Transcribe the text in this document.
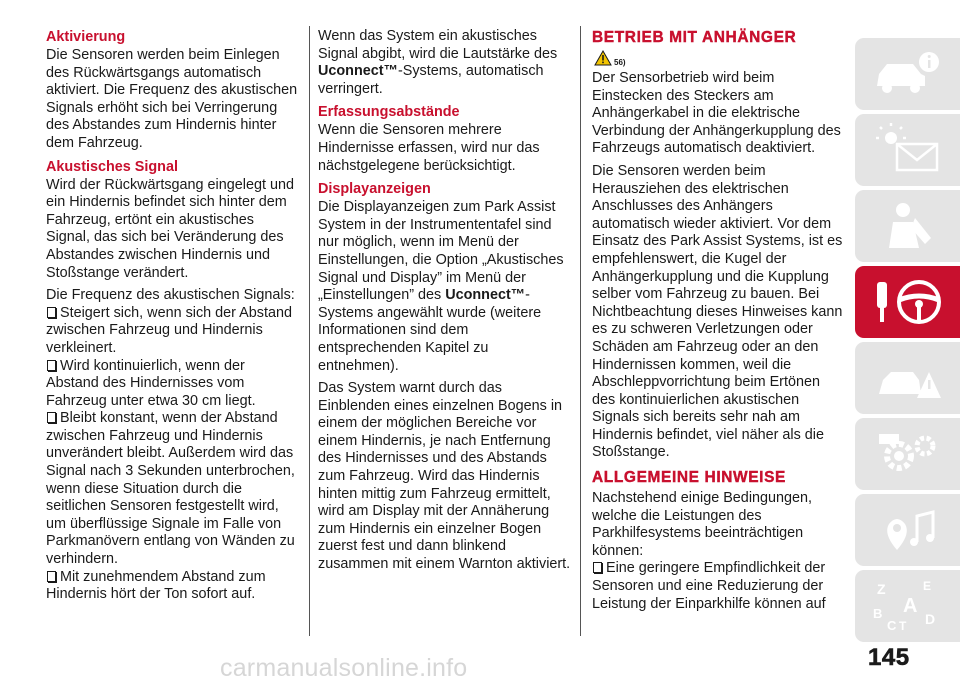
Aktivierung

Die Sensoren werden beim Einlegen des Rückwärtsgangs automatisch aktiviert. Die Frequenz des akustischen Signals erhöht sich bei Verringerung des Abstandes zum Hindernis hinter dem Fahrzeug.

Akustisches Signal

Wird der Rückwärtsgang eingelegt und ein Hindernis befindet sich hinter dem Fahrzeug, ertönt ein akustisches Signal, das sich bei Veränderung des Abstandes zwischen Hindernis und Stoßstange verändert.

Die Frequenz des akustischen Signals:

Steigert sich, wenn sich der Abstand zwischen Fahrzeug und Hindernis verkleinert.
Wird kontinuierlich, wenn der Abstand des Hindernisses vom Fahrzeug unter etwa 30 cm liegt.
Bleibt konstant, wenn der Abstand zwischen Fahrzeug und Hindernis unverändert bleibt. Außerdem wird das Signal nach 3 Sekunden unterbrochen, wenn diese Situation durch die seitlichen Sensoren festgestellt wird, um überflüssige Signale im Falle von Parkmanövern entlang von Wänden zu verhindern.
Mit zunehmendem Abstand zum Hindernis hört der Ton sofort auf.

Wenn das System ein akustisches Signal abgibt, wird die Lautstärke des
Uconnect™-Systems, automatisch verringert.

Erfassungsabstände

Wenn die Sensoren mehrere Hindernisse erfassen, wird nur das nächstgelegene berücksichtigt.

Displayanzeigen

Die Displayanzeigen zum Park Assist System in der Instrumententafel sind nur möglich, wenn im Menü der Einstellungen, die Option „Akustisches Signal und Display” im Menü der „Einstellungen” des Uconnect™-Systems angewählt wurde (weitere Informationen sind dem entsprechenden Kapitel zu entnehmen).

Das System warnt durch das Einblenden eines einzelnen Bogens in einem der möglichen Bereiche vor einem Hindernis, je nach Entfernung des Hindernisses und des Abstands zum Fahrzeug. Wird das Hindernis hinten mittig zum Fahrzeug ermittelt, wird am Display mit der Annäherung zum Hindernis ein einzelner Bogen zuerst fest und dann blinkend zusammen mit einem Warnton aktiviert.

BETRIEB MIT ANHÄNGER
56)

Der Sensorbetrieb wird beim Einstecken des Steckers am Anhängerkabel in die elektrische Verbindung der Anhängerkupplung des Fahrzeugs automatisch deaktiviert.

Die Sensoren werden beim Herausziehen des elektrischen Anschlusses des Anhängers automatisch wieder aktiviert. Vor dem Einsatz des Park Assist Systems, ist es empfehlenswert, die Kugel der Anhängerkupplung und die Kupplung selber vom Fahrzeug zu bauen. Bei Nichtbeachtung dieses Hinweises kann es zu schweren Verletzungen oder Schäden am Fahrzeug oder an den Hindernissen kommen, weil die Abschleppvorrichtung beim Ertönen des kontinuierlichen akustischen Signals sich bereits sehr nah am Hindernis befindet, viel näher als die Stoßstange.

ALLGEMEINE HINWEISE

Nachstehend einige Bedingungen, welche die Leistungen des Parkhilfesystems beeinträchtigen können:

Eine geringere Empfindlichkeit der Sensoren und eine Reduzierung der Leistung der Einparkhilfe können auf
Z	E
B A
C T D
145
carmanualsonline.info
